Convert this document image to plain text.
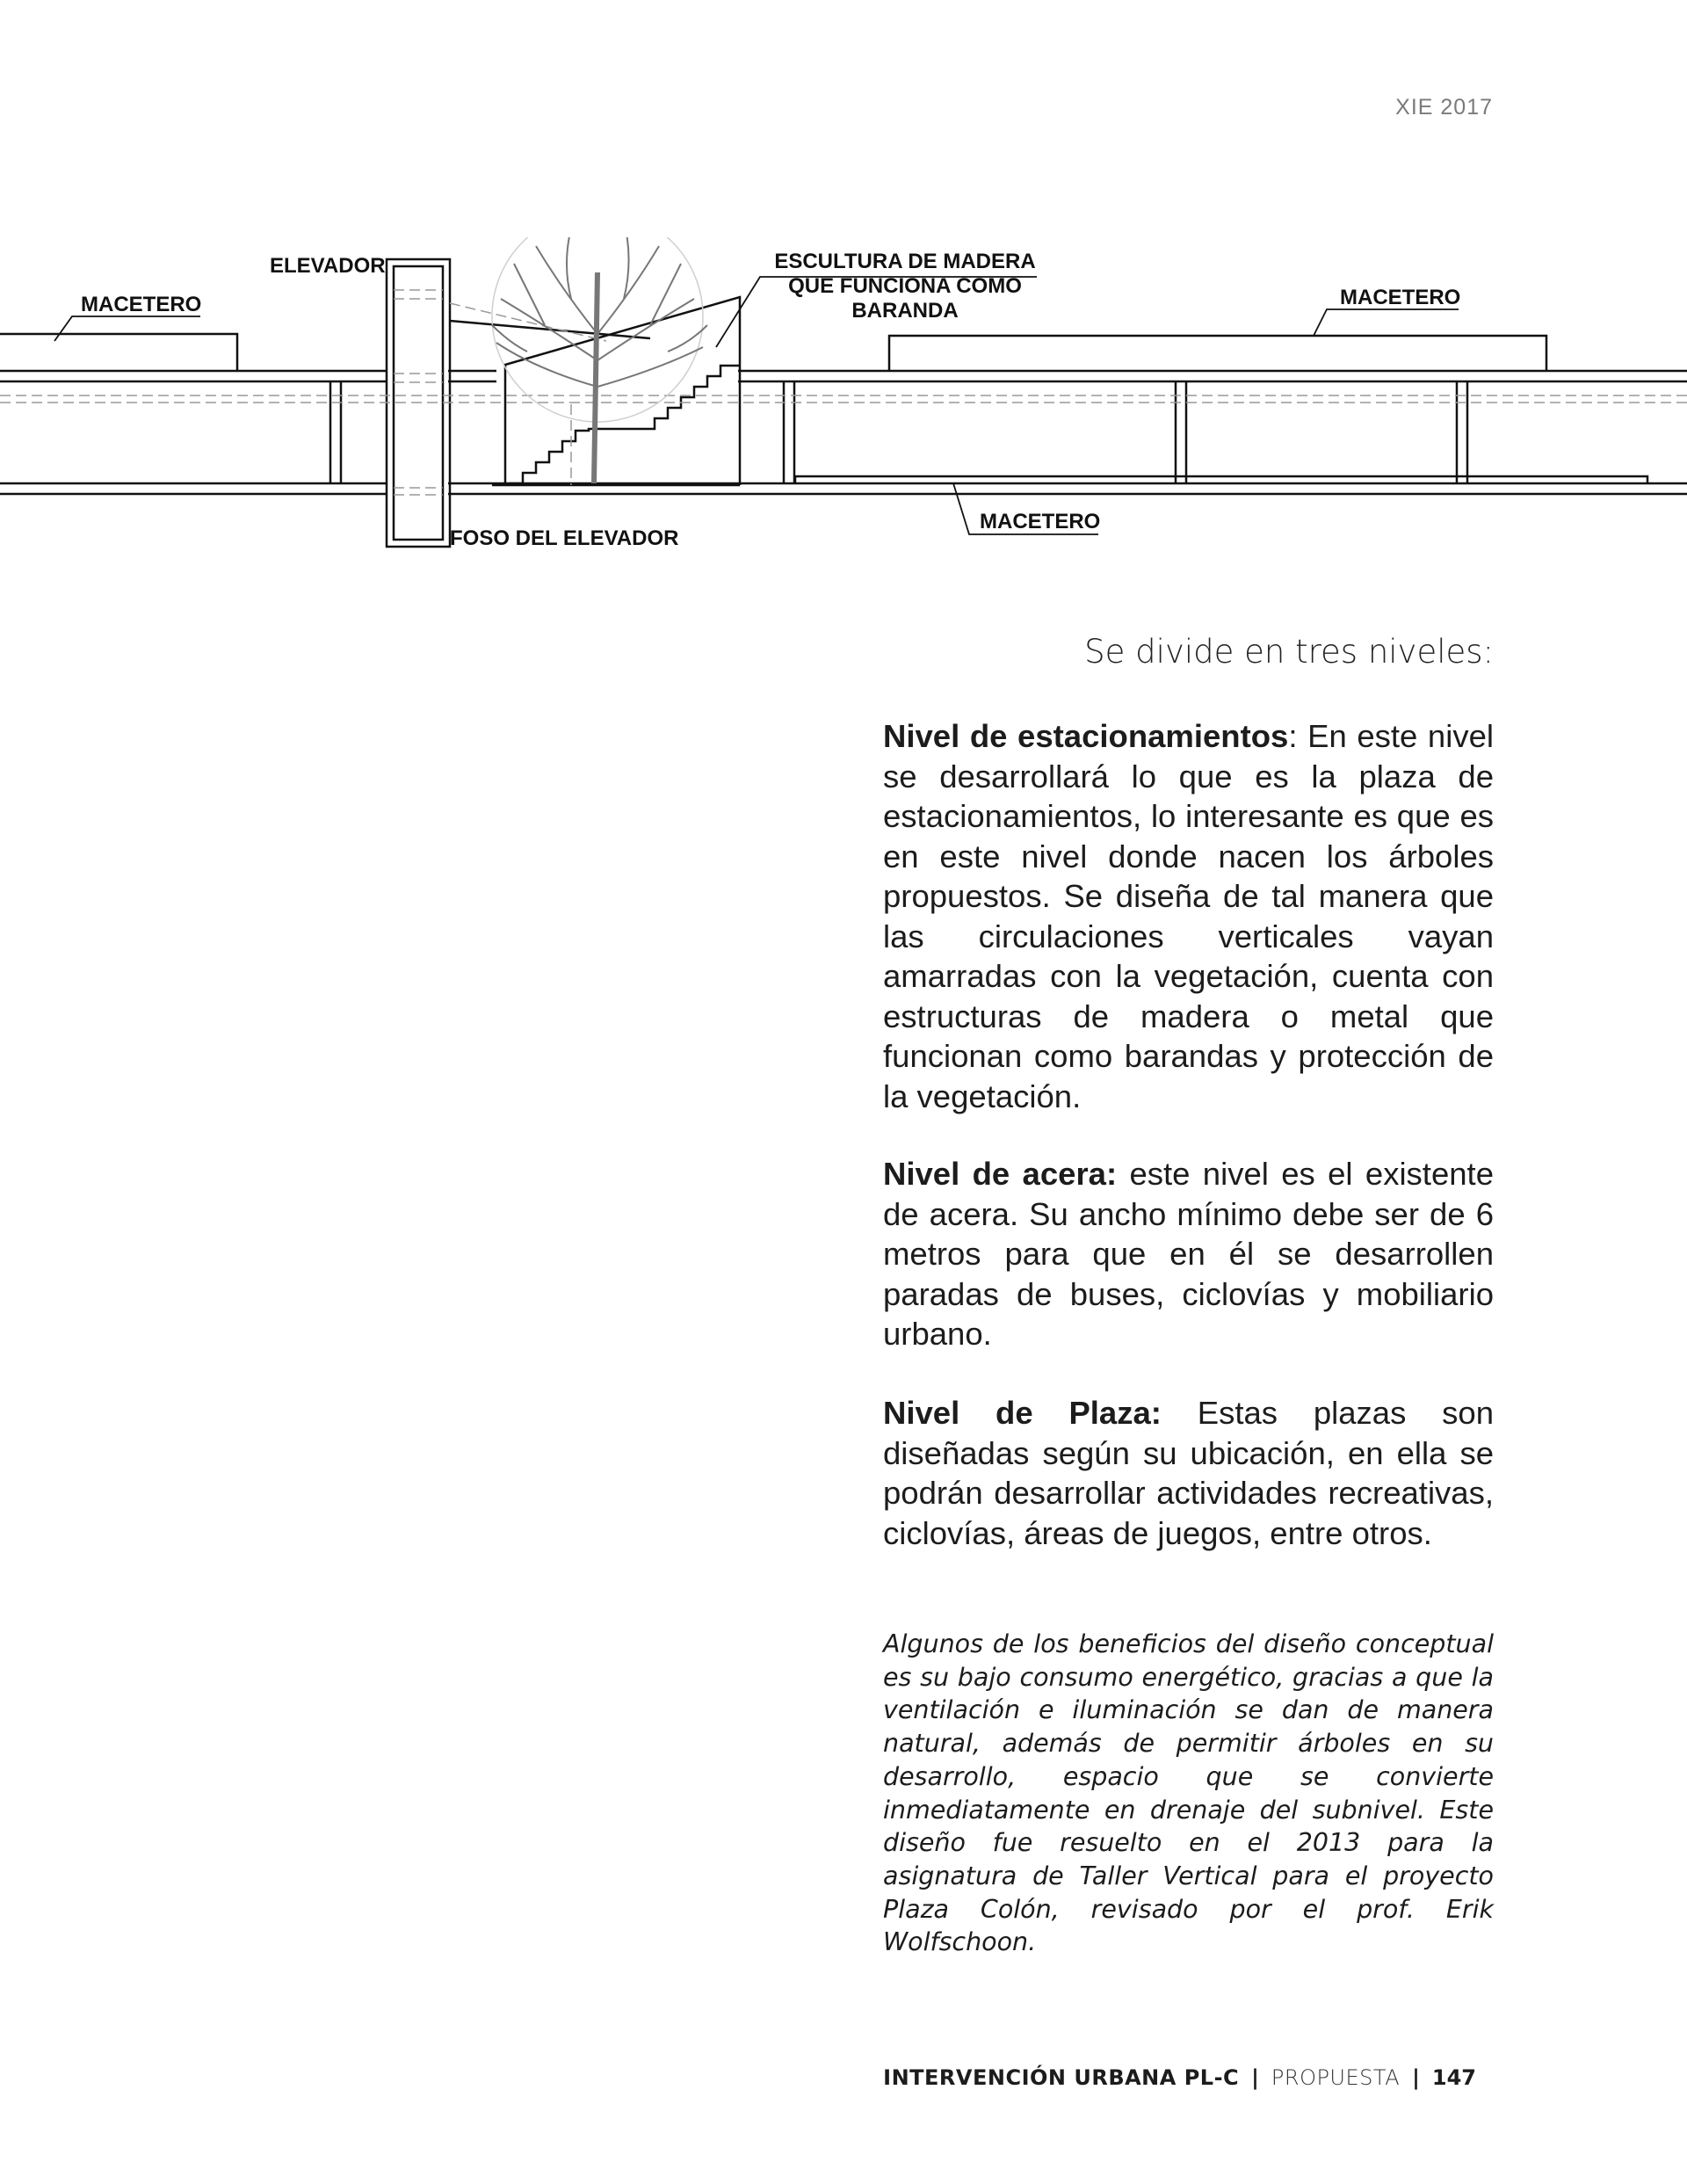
XIE 2017
MACETERO
ELEVADOR	ESCULTURA DE MADERA
QUE FUNCIONA COMO
BARANDA
MACETERO
FOSO DEL ELEVADOR
MACETERO
Se divide en tres niveles:

Nivel de estacionamientos: En este nivel se desarrollará lo que es la plaza de estacionamientos, lo interesante es que es en este nivel donde nacen los árboles propuestos. Se diseña de tal manera que las circulaciones verticales vayan amarradas con la vegetación, cuenta con estructuras de madera o metal que funcionan como barandas y protección de la vegetación.

Nivel de acera: este nivel es el existente de acera. Su ancho mínimo debe ser de 6 metros para que en él se desarrollen paradas de buses, ciclovías y mobiliario urbano.

Nivel de Plaza: Estas plazas son diseñadas según su ubicación, en ella se podrán desarrollar actividades recreativas, ciclovías, áreas de juegos, entre otros.

Algunos de los beneficios del diseño conceptual es su bajo consumo energético, gracias a que la ventilación e iluminación se dan de manera natural, además de permitir árboles en su desarrollo, espacio que se convierte inmediatamente en drenaje del subnivel. Este diseño fue resuelto en el 2013 para la asignatura de Taller Vertical para el proyecto Plaza Colón, revisado por el prof. Erik Wolfschoon.

INTERVENCIÓN URBANA PL-C | PROPUESTA | 147
